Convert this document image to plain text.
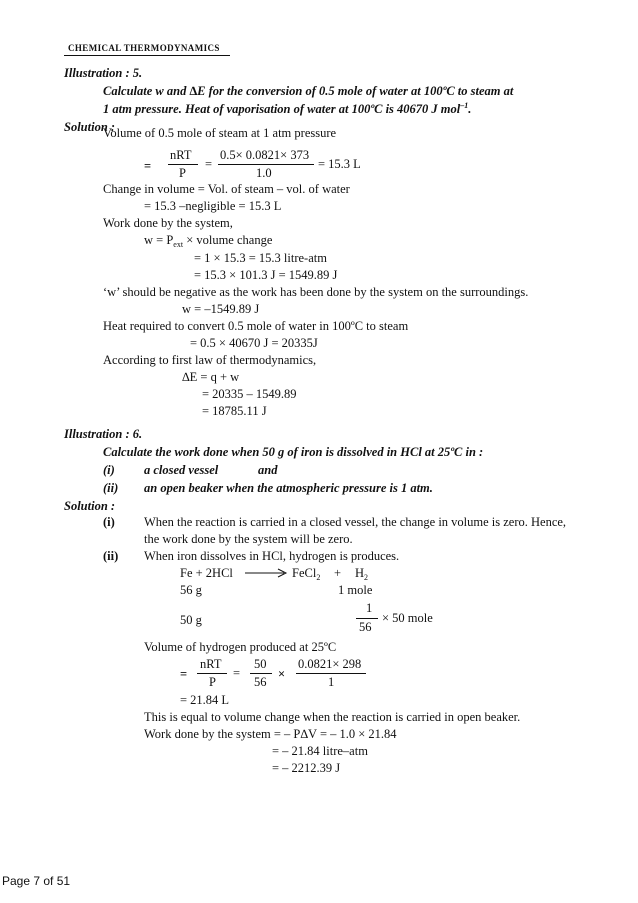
CHEMICAL THERMODYNAMICS
Illustration : 5.
Calculate w and ∆E for the conversion of 0.5 mole of water at 100ºC to steam at
1 atm pressure. Heat of vaporisation of water at 100ºC is 40670 J mol$^{-1}$.
Solution :
Volume of 0.5 mole of steam at 1 atm pressure
=
nRT
P
=
0.5× 0.0821× 373
1.0
= 15.3 L
Change in volume = Vol. of steam – vol. of water
= 15.3 –negligible = 15.3 L
Work done by the system,
$w = P_{ext}$ × volume change
= 1 × 15.3 = 15.3 litre-atm
= 15.3 × 101.3 J = 1549.89 J
‘w’ should be negative as the work has been done by the system on the surroundings.
w = –1549.89 J
Heat required to convert 0.5 mole of water in 100ºC to steam
= 0.5 × 40670 J = 20335J
According to first law of thermodynamics,
∆E = q + w
= 20335 – 1549.89
= 18785.11 J
Illustration : 6.
Calculate the work done when 50 g of iron is dissolved in HCl at 25ºC in :
(i) a closed vessel	and
(ii) an open beaker when the atmospheric pressure is 1 atm.
Solution :
(i) When the reaction is carried in a closed vessel, the change in volume is zero. Hence,
the work done by the system will be zero.
(ii) When iron dissolves in HCl, hydrogen is produces.
Fe + 2HCl → FeCl$_2$ + $H_2$
56 g	1 mole
50 g
1
56
× 50 mole
Volume of hydrogen produced at 25ºC
=
nRT
P
=
50
56
×
0.0821× 298
1
= 21.84 L
This is equal to volume change when the reaction is carried in open beaker.
Work done by the system = – P∆V = – 1.0 × 21.84
= – 21.84 litre–atm
= – 2212.39 J
Page 7 of 51
